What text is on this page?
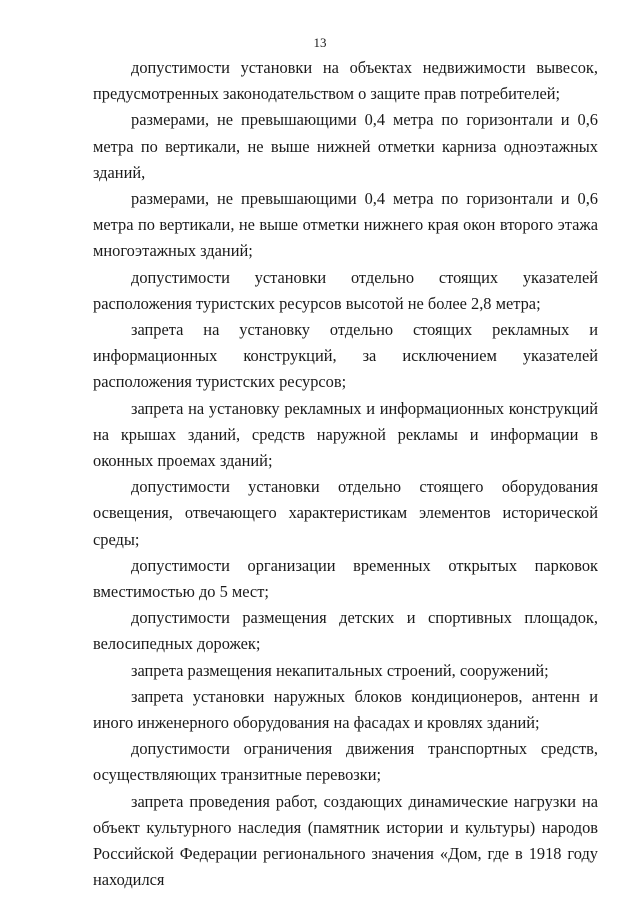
13

допустимости установки на объектах недвижимости вывесок, предусмотренных законодательством о защите прав потребителей;

размерами, не превышающими 0,4 метра по горизонтали и 0,6 метра по вертикали, не выше нижней отметки карниза одноэтажных зданий,

размерами, не превышающими 0,4 метра по горизонтали и 0,6 метра по вертикали, не выше отметки нижнего края окон второго этажа многоэтажных зданий;

допустимости установки отдельно стоящих указателей расположения туристских ресурсов высотой не более 2,8 метра;

запрета на установку отдельно стоящих рекламных и информационных конструкций, за исключением указателей расположения туристских ресурсов;

запрета на установку рекламных и информационных конструкций на крышах зданий, средств наружной рекламы и информации в оконных проемах зданий;

допустимости установки отдельно стоящего оборудования освещения, отвечающего характеристикам элементов исторической среды;

допустимости организации временных открытых парковок вместимостью до 5 мест;

допустимости размещения детских и спортивных площадок, велосипедных дорожек;

запрета размещения некапитальных строений, сооружений;

запрета установки наружных блоков кондиционеров, антенн и иного инженерного оборудования на фасадах и кровлях зданий;

допустимости ограничения движения транспортных средств, осуществляющих транзитные перевозки;

запрета проведения работ, создающих динамические нагрузки на объект культурного наследия (памятник истории и культуры) народов Российской Федерации регионального значения «Дом, где в 1918 году находился
